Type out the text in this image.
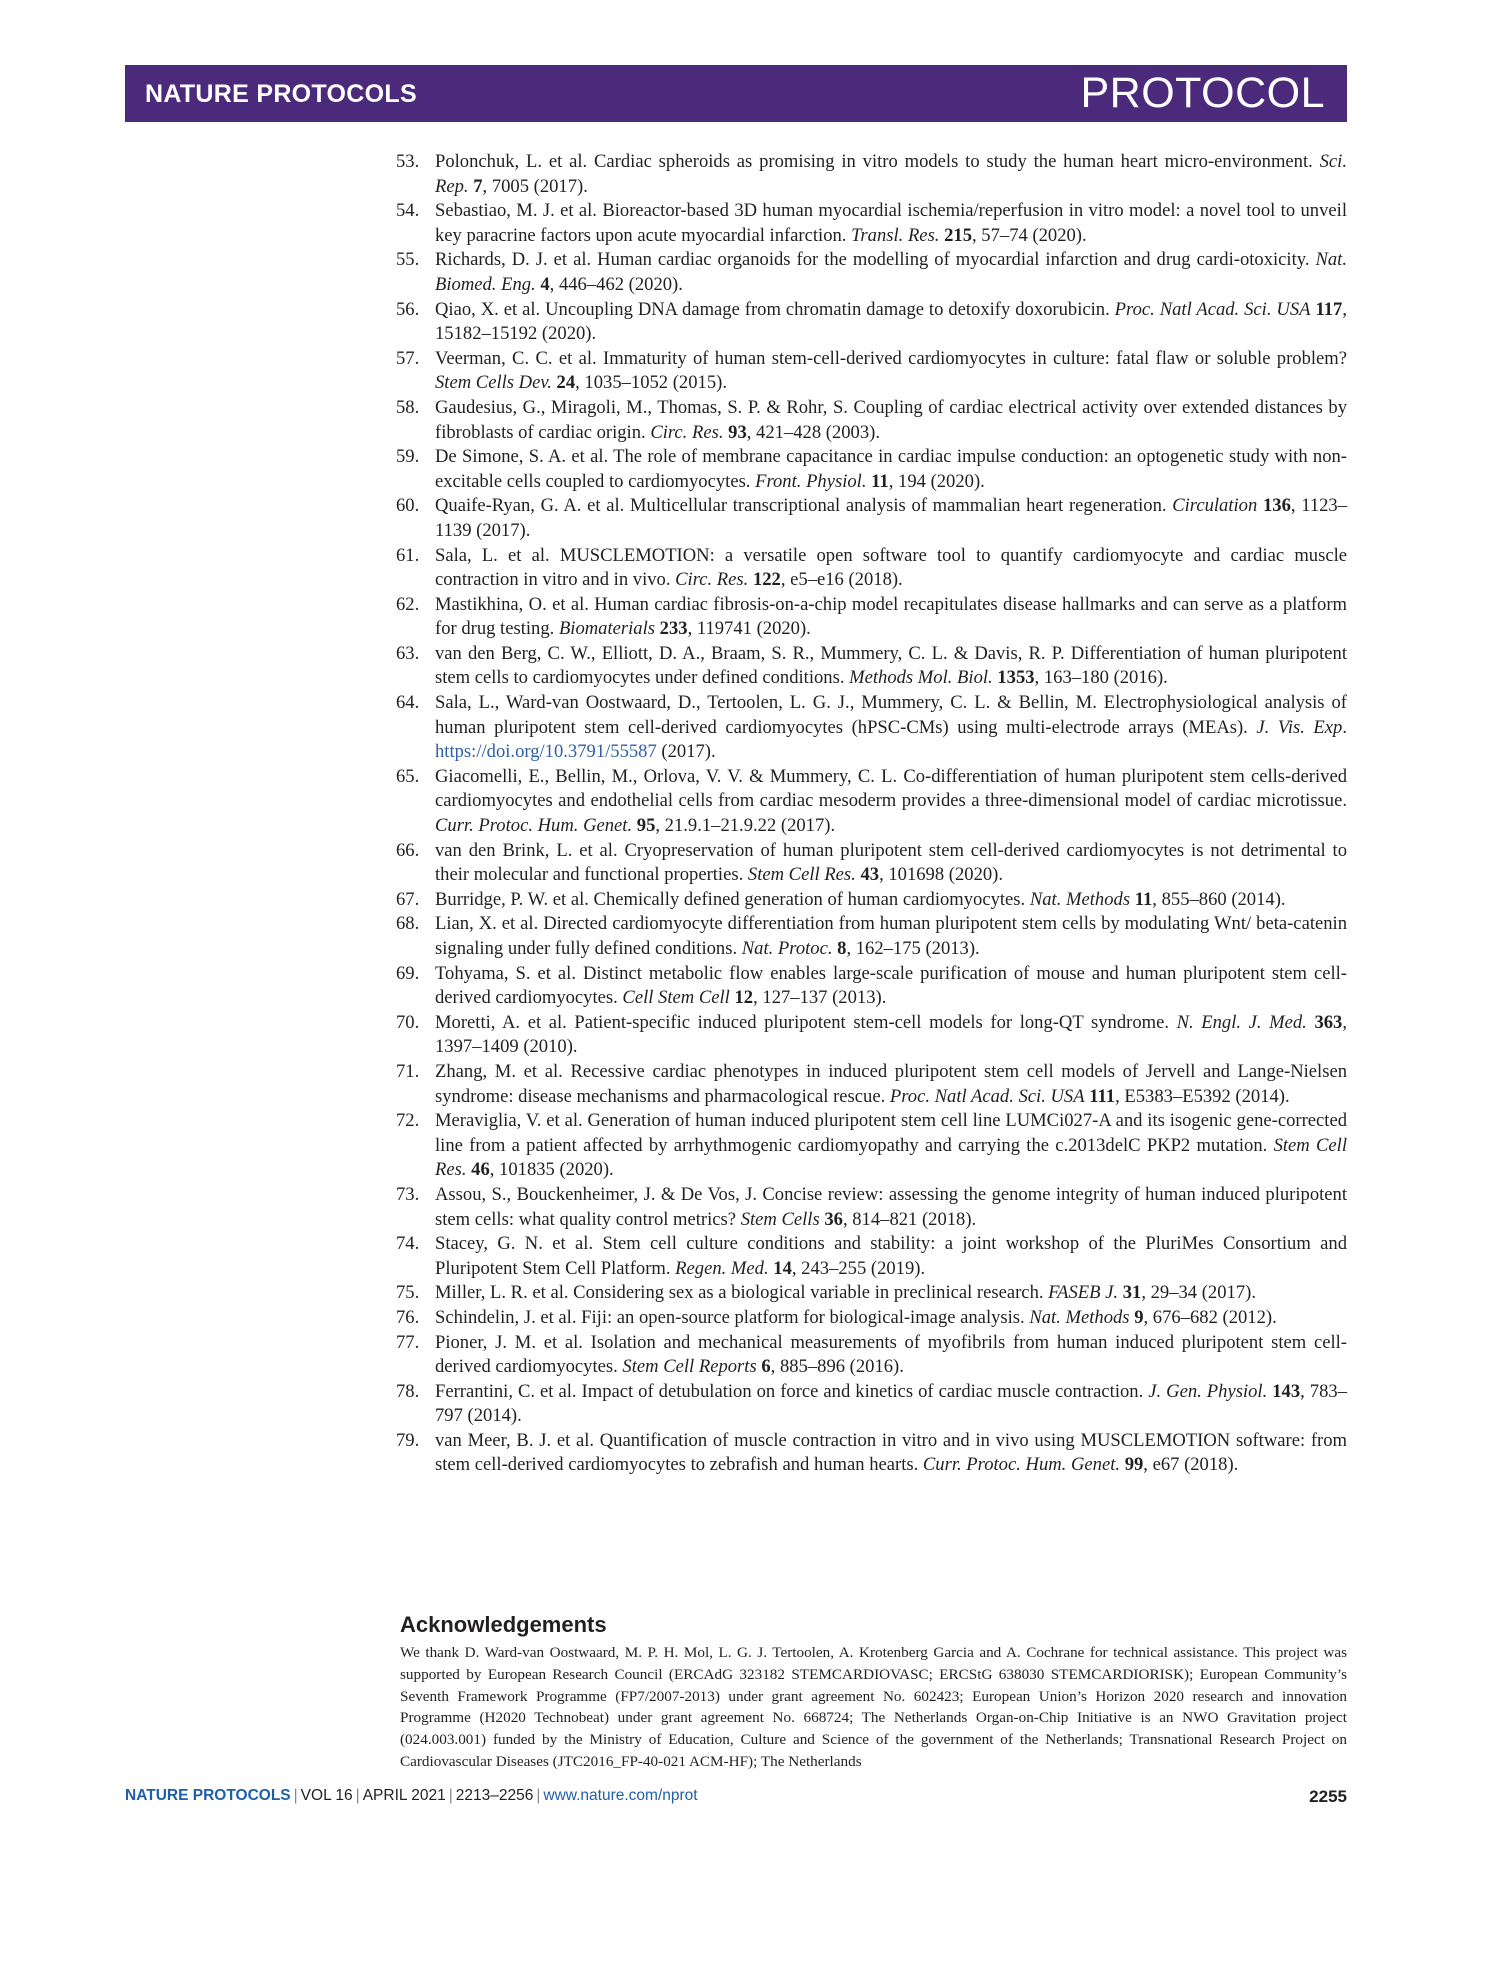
NATURE PROTOCOLS	PROTOCOL
53. Polonchuk, L. et al. Cardiac spheroids as promising in vitro models to study the human heart micro-environment. Sci. Rep. 7, 7005 (2017).
54. Sebastiao, M. J. et al. Bioreactor-based 3D human myocardial ischemia/reperfusion in vitro model: a novel tool to unveil key paracrine factors upon acute myocardial infarction. Transl. Res. 215, 57–74 (2020).
55. Richards, D. J. et al. Human cardiac organoids for the modelling of myocardial infarction and drug cardi-otoxicity. Nat. Biomed. Eng. 4, 446–462 (2020).
56. Qiao, X. et al. Uncoupling DNA damage from chromatin damage to detoxify doxorubicin. Proc. Natl Acad. Sci. USA 117, 15182–15192 (2020).
57. Veerman, C. C. et al. Immaturity of human stem-cell-derived cardiomyocytes in culture: fatal flaw or soluble problem? Stem Cells Dev. 24, 1035–1052 (2015).
58. Gaudesius, G., Miragoli, M., Thomas, S. P. & Rohr, S. Coupling of cardiac electrical activity over extended distances by fibroblasts of cardiac origin. Circ. Res. 93, 421–428 (2003).
59. De Simone, S. A. et al. The role of membrane capacitance in cardiac impulse conduction: an optogenetic study with non-excitable cells coupled to cardiomyocytes. Front. Physiol. 11, 194 (2020).
60. Quaife-Ryan, G. A. et al. Multicellular transcriptional analysis of mammalian heart regeneration. Circulation 136, 1123–1139 (2017).
61. Sala, L. et al. MUSCLEMOTION: a versatile open software tool to quantify cardiomyocyte and cardiac muscle contraction in vitro and in vivo. Circ. Res. 122, e5–e16 (2018).
62. Mastikhina, O. et al. Human cardiac fibrosis-on-a-chip model recapitulates disease hallmarks and can serve as a platform for drug testing. Biomaterials 233, 119741 (2020).
63. van den Berg, C. W., Elliott, D. A., Braam, S. R., Mummery, C. L. & Davis, R. P. Differentiation of human pluripotent stem cells to cardiomyocytes under defined conditions. Methods Mol. Biol. 1353, 163–180 (2016).
64. Sala, L., Ward-van Oostwaard, D., Tertoolen, L. G. J., Mummery, C. L. & Bellin, M. Electrophysiological analysis of human pluripotent stem cell-derived cardiomyocytes (hPSC-CMs) using multi-electrode arrays (MEAs). J. Vis. Exp. https://doi.org/10.3791/55587 (2017).
65. Giacomelli, E., Bellin, M., Orlova, V. V. & Mummery, C. L. Co-differentiation of human pluripotent stem cells-derived cardiomyocytes and endothelial cells from cardiac mesoderm provides a three-dimensional model of cardiac microtissue. Curr. Protoc. Hum. Genet. 95, 21.9.1–21.9.22 (2017).
66. van den Brink, L. et al. Cryopreservation of human pluripotent stem cell-derived cardiomyocytes is not detrimental to their molecular and functional properties. Stem Cell Res. 43, 101698 (2020).
67. Burridge, P. W. et al. Chemically defined generation of human cardiomyocytes. Nat. Methods 11, 855–860 (2014).
68. Lian, X. et al. Directed cardiomyocyte differentiation from human pluripotent stem cells by modulating Wnt/ beta-catenin signaling under fully defined conditions. Nat. Protoc. 8, 162–175 (2013).
69. Tohyama, S. et al. Distinct metabolic flow enables large-scale purification of mouse and human pluripotent stem cell-derived cardiomyocytes. Cell Stem Cell 12, 127–137 (2013).
70. Moretti, A. et al. Patient-specific induced pluripotent stem-cell models for long-QT syndrome. N. Engl. J. Med. 363, 1397–1409 (2010).
71. Zhang, M. et al. Recessive cardiac phenotypes in induced pluripotent stem cell models of Jervell and Lange-Nielsen syndrome: disease mechanisms and pharmacological rescue. Proc. Natl Acad. Sci. USA 111, E5383–E5392 (2014).
72. Meraviglia, V. et al. Generation of human induced pluripotent stem cell line LUMCi027-A and its isogenic gene-corrected line from a patient affected by arrhythmogenic cardiomyopathy and carrying the c.2013delC PKP2 mutation. Stem Cell Res. 46, 101835 (2020).
73. Assou, S., Bouckenheimer, J. & De Vos, J. Concise review: assessing the genome integrity of human induced pluripotent stem cells: what quality control metrics? Stem Cells 36, 814–821 (2018).
74. Stacey, G. N. et al. Stem cell culture conditions and stability: a joint workshop of the PluriMes Consortium and Pluripotent Stem Cell Platform. Regen. Med. 14, 243–255 (2019).
75. Miller, L. R. et al. Considering sex as a biological variable in preclinical research. FASEB J. 31, 29–34 (2017).
76. Schindelin, J. et al. Fiji: an open-source platform for biological-image analysis. Nat. Methods 9, 676–682 (2012).
77. Pioner, J. M. et al. Isolation and mechanical measurements of myofibrils from human induced pluripotent stem cell-derived cardiomyocytes. Stem Cell Reports 6, 885–896 (2016).
78. Ferrantini, C. et al. Impact of detubulation on force and kinetics of cardiac muscle contraction. J. Gen. Physiol. 143, 783–797 (2014).
79. van Meer, B. J. et al. Quantification of muscle contraction in vitro and in vivo using MUSCLEMOTION software: from stem cell-derived cardiomyocytes to zebrafish and human hearts. Curr. Protoc. Hum. Genet. 99, e67 (2018).
Acknowledgements

We thank D. Ward-van Oostwaard, M. P. H. Mol, L. G. J. Tertoolen, A. Krotenberg Garcia and A. Cochrane for technical assistance. This project was supported by European Research Council (ERCAdG 323182 STEMCARDIOVASC; ERCStG 638030 STEMCARDIORISK); European Community’s Seventh Framework Programme (FP7/2007-2013) under grant agreement No. 602423; European Union’s Horizon 2020 research and innovation Programme (H2020 Technobeat) under grant agreement No. 668724; The Netherlands Organ-on-Chip Initiative is an NWO Gravitation project (024.003.001) funded by the Ministry of Education, Culture and Science of the government of the Netherlands; Transnational Research Project on Cardiovascular Diseases (JTC2016_FP-40-021 ACM-HF); The Netherlands

NATURE PROTOCOLS | VOL 16 | APRIL 2021 | 2213–2256 | www.nature.com/nprot	2255
